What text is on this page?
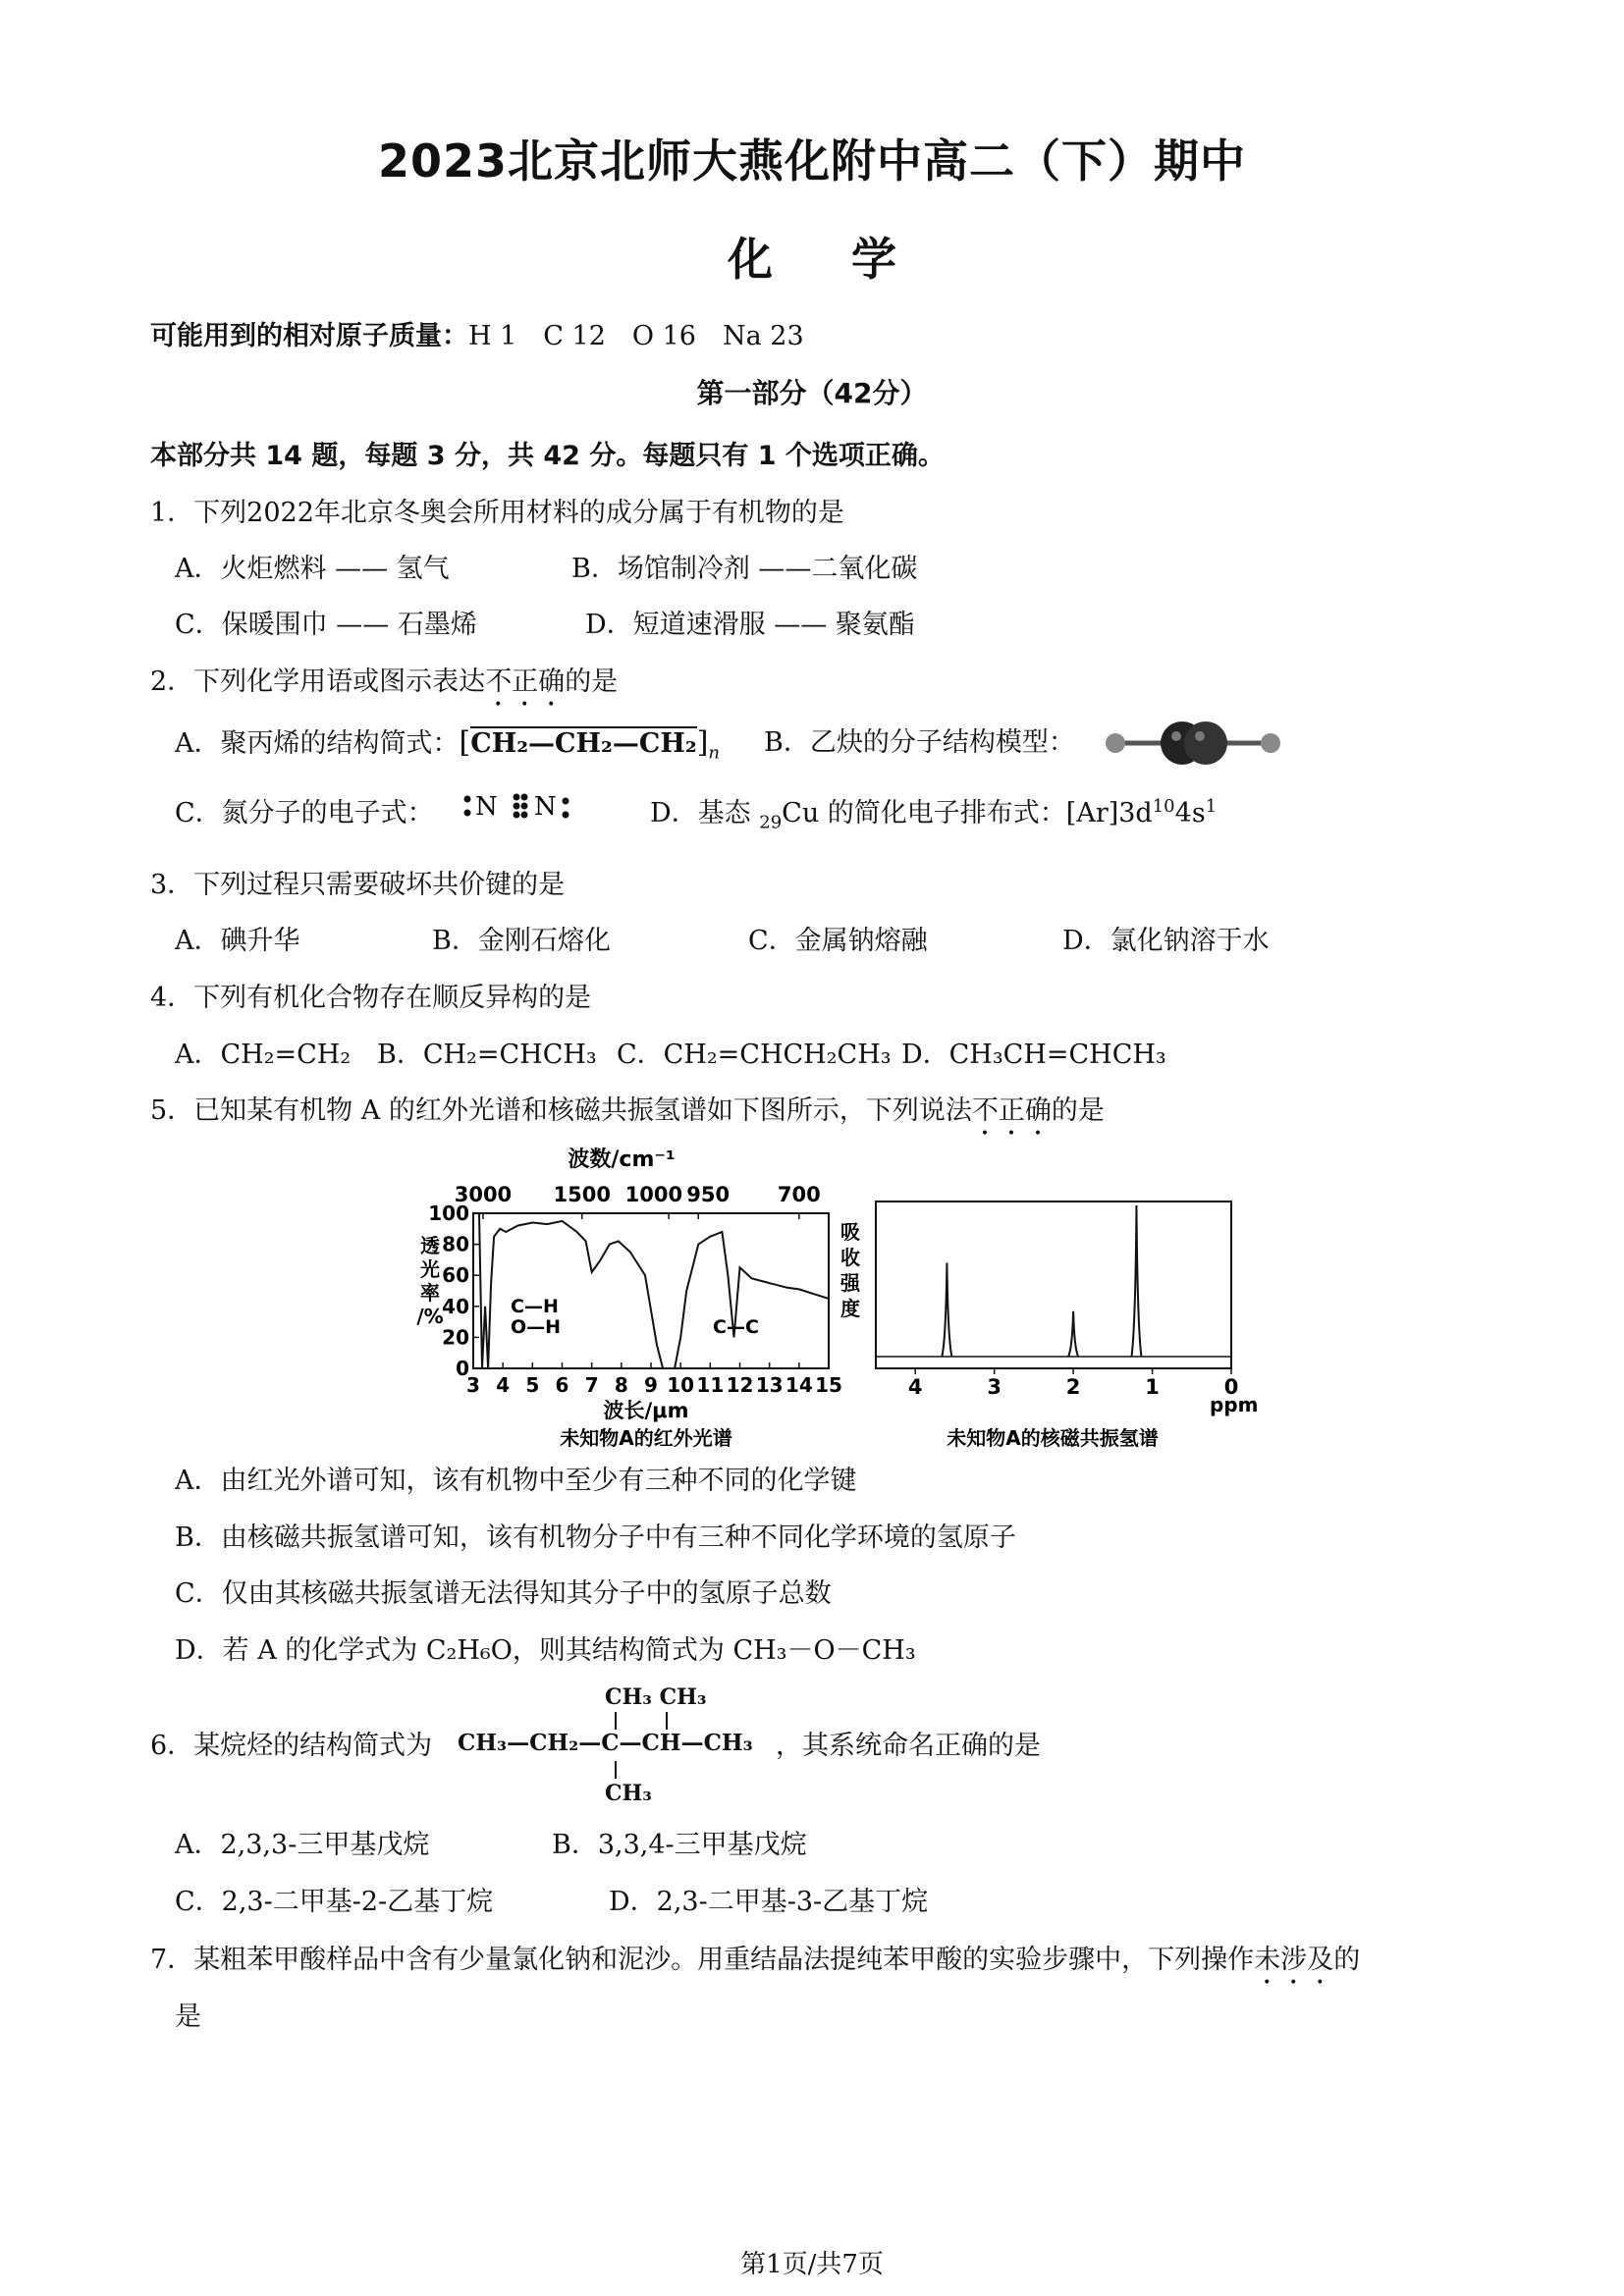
2023北京北师大燕化附中高二（下）期中
化学
可能用到的相对原子质量：H 1　C 12　O 16　Na 23
第一部分（42分）
本部分共 14 题，每题 3 分，共 42 分。每题只有 1 个选项正确。
1．下列2022年北京冬奥会所用材料的成分属于有机物的是
A．火炬燃料 —— 氢气	B．场馆制冷剂 ——二氧化碳
C．保暖围巾 —— 石墨烯	D．短道速滑服 —— 聚氨酯
2．下列化学用语或图示表达不正确的是
A．聚丙烯的结构简式：$[CH_2—CH_2—CH_2]_n$ B．乙炔的分子结构模型：
C．氮分子的电子式： N N	D．基态 $_{29}$Cu 的简化电子排布式：$[Ar]3d^{10}4s^1$
3．下列过程只需要破坏共价键的是
A．碘升华	B．金刚石熔化	C．金属钠熔融	D．氯化钠溶于水
4．下列有机化合物存在顺反异构的是
A．CH₂=CH₂ B．CH₂=CHCH₃ C．CH₂=CHCH₂CH₃ D．CH₃CH=CHCH₃
5．已知某有机物 A 的红外光谱和核磁共振氢谱如下图所示，下列说法不正确的是
波数/cm⁻¹
3000 1500 1000 950 700
0
20
40
60
80
100
3 4 5 6 7 8 9 10 11 12 13 14 15
C—H
O—H	C—C
透光率/%
波长/μm
未知物A的红外光谱
吸收强度
4	3	2	1	0
ppm
未知物A的核磁共振氢谱
A．由红光外谱可知，该有机物中至少有三种不同的化学键
B．由核磁共振氢谱可知，该有机物分子中有三种不同化学环境的氢原子
C．仅由其核磁共振氢谱无法得知其分子中的氢原子总数
D．若 A 的化学式为 C₂H₆O，则其结构简式为 CH₃－O－CH₃
6．某烷烃的结构简式为
CH₃ CH₃
CH₃—CH₂—C—CH—CH₃
CH₃
，其系统命名正确的是
A．2,3,3-三甲基戊烷	B．3,3,4-三甲基戊烷
C．2,3-二甲基-2-乙基丁烷	D．2,3-二甲基-3-乙基丁烷
7．某粗苯甲酸样品中含有少量氯化钠和泥沙。用重结晶法提纯苯甲酸的实验步骤中，下列操作未涉及的
是
第1页/共7页
